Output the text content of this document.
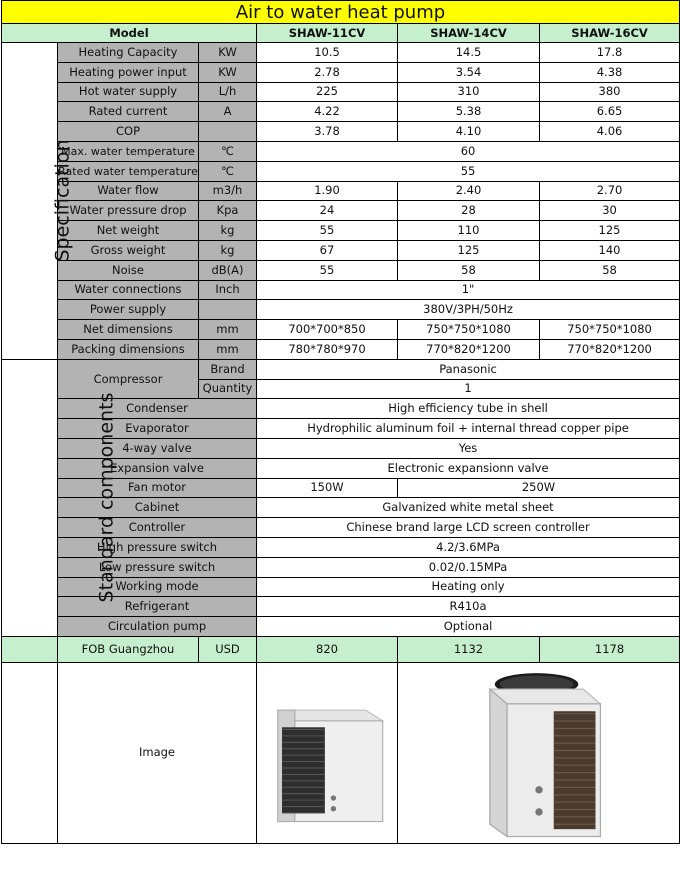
Air to water heat pump					
Model			SHAW-11CV	SHAW-14CV	SHAW-16CV
Specification	Heating Capacity	KW	10.5	14.5	17.8
	Heating power input	KW	2.78	3.54	4.38
	Hot water supply	L/h	225	310	380
	Rated current	A	4.22	5.38	6.65
	COP		3.78	4.10	4.06
	Max. water temperature	℃	60		
	Rated water temperature	℃	55		
	Water flow	m3/h	1.90	2.40	2.70
	Water pressure drop	Kpa	24	28	30
	Net weight	kg	55	110	125
	Gross weight	kg	67	125	140
	Noise	dB(A)	55	58	58
	Water connections	Inch	1"		
	Power supply		380V/3PH/50Hz		
	Net dimensions	mm	700*700*850	750*750*1080	750*750*1080
	Packing dimensions	mm	780*780*970	770*820*1200	770*820*1200
Standard components	Compressor	Brand	Panasonic		
		Quantity	1		
	Condenser		High efficiency tube in shell		
	Evaporator		Hydrophilic aluminum foil + internal thread copper pipe		
	4-way valve		Yes		
	Expansion valve		Electronic expansionn valve		
	Fan motor		150W	250W	
	Cabinet		Galvanized white metal sheet		
	Controller		Chinese brand large LCD screen controller		
	High pressure switch		4.2/3.6MPa		
	Low pressure switch		0.02/0.15MPa		
	Working mode		Heating only		
	Refrigerant		R410a		
	Circulation pump		Optional		
	FOB Guangzhou	USD	820	1132	1178
	Image	
